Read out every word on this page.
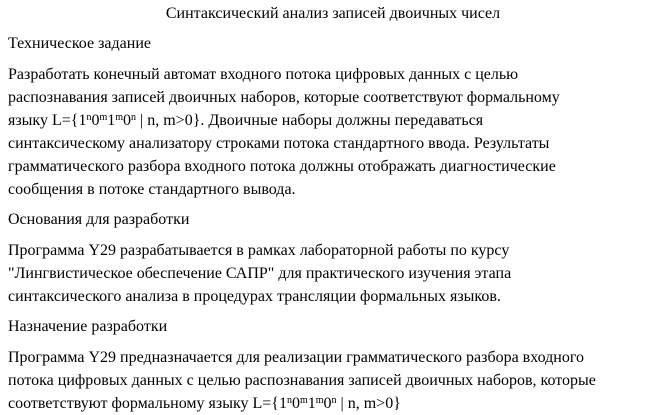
Синтаксический анализ записей двоичных чисел
Техническое задание
Разработать конечный автомат входного потока цифровых данных с целью
распознавания записей двоичных наборов, которые соответствуют формальному
языку $L=\{1^n0^m1^m0^n$ | n, m>0}. Двоичные наборы должны передаваться
синтаксическому анализатору строками потока стандартного ввода. Результаты
грамматического разбора входного потока должны отображать диагностические
сообщения в потоке стандартного вывода.
Основания для разработки
Программа Y29 разрабатывается в рамках лабораторной работы по курсу
"Лингвистическое обеспечение САПР" для практического изучения этапа
синтаксического анализа в процедурах трансляции формальных языков.
Назначение разработки
Программа Y29 предназначается для реализации грамматического разбора входного
потока цифровых данных с целью распознавания записей двоичных наборов, которые
соответствуют формальному языку $L=\{1^n0^m1^m0^n$ | n, m>0}
